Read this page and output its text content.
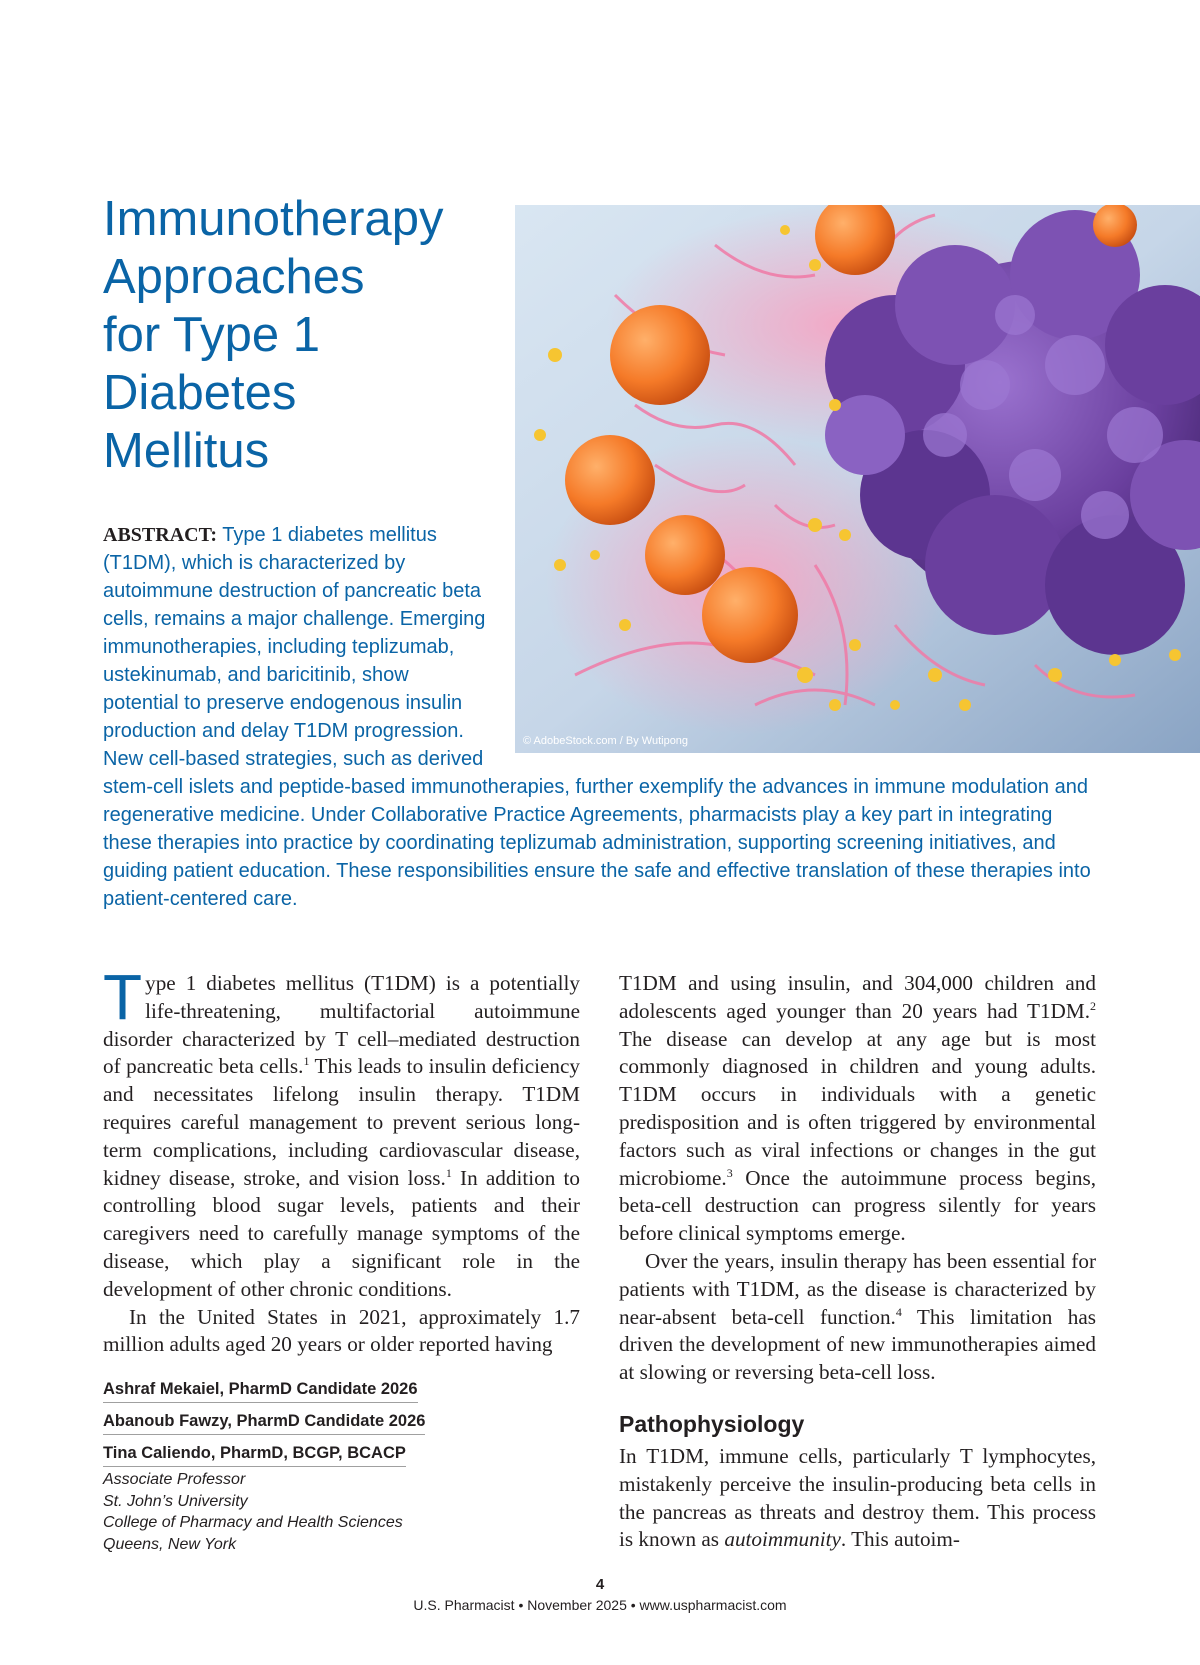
Immunotherapy
Approaches
for Type 1
Diabetes
Mellitus

© AdobeStock.com / By Wutipong

ABSTRACT: Type 1 diabetes mellitus (T1DM), which is characterized by autoimmune destruction of pancreatic beta cells, remains a major challenge. Emerging immunotherapies, including teplizumab, ustekinumab, and baricitinib, show potential to preserve endogenous insulin production and delay T1DM progression. New cell-based strategies, such as derived stem-cell islets and peptide-based immunotherapies, further exemplify the advances in immune modulation and regenerative medicine. Under Collaborative Practice Agreements, pharmacists play a key part in integrating these therapies into practice by coordinating teplizumab administration, supporting screening initiatives, and guiding patient education. These responsibilities ensure the safe and effective translation of these therapies into patient-centered care.

Type 1 diabetes mellitus (T1DM) is a potentially life-threatening, multifactorial autoimmune disorder characterized by T cell–mediated destruction of pancreatic beta cells.$^1$ This leads to insulin deficiency and necessitates lifelong insulin therapy. T1DM requires careful management to prevent serious long-term complications, including cardiovascular disease, kidney disease, stroke, and vision loss.$^1$ In addition to controlling blood sugar levels, patients and their caregivers need to carefully manage symptoms of the disease, which play a significant role in the development of other chronic conditions.

In the United States in 2021, approximately 1.7 million adults aged 20 years or older reported having

Ashraf Mekaiel, PharmD Candidate 2026
Abanoub Fawzy, PharmD Candidate 2026
Tina Caliendo, PharmD, BCGP, BCACP

Associate Professor

St. John’s University

College of Pharmacy and Health Sciences

Queens, New York

T1DM and using insulin, and 304,000 children and adolescents aged younger than 20 years had T1DM.$^2$ The disease can develop at any age but is most commonly diagnosed in children and young adults. T1DM occurs in individuals with a genetic predisposition and is often triggered by environmental factors such as viral infections or changes in the gut microbiome.$^3$ Once the autoimmune process begins, beta-cell destruction can progress silently for years before clinical symptoms emerge.

Over the years, insulin therapy has been essential for patients with T1DM, as the disease is characterized by near-absent beta-cell function.$^4$ This limitation has driven the development of new immunotherapies aimed at slowing or reversing beta-cell loss.

Pathophysiology

In T1DM, immune cells, particularly T lymphocytes, mistakenly perceive the insulin-producing beta cells in the pancreas as threats and destroy them. This process is known as autoimmunity. This autoim-

4
U.S. Pharmacist • November 2025 • www.uspharmacist.com
